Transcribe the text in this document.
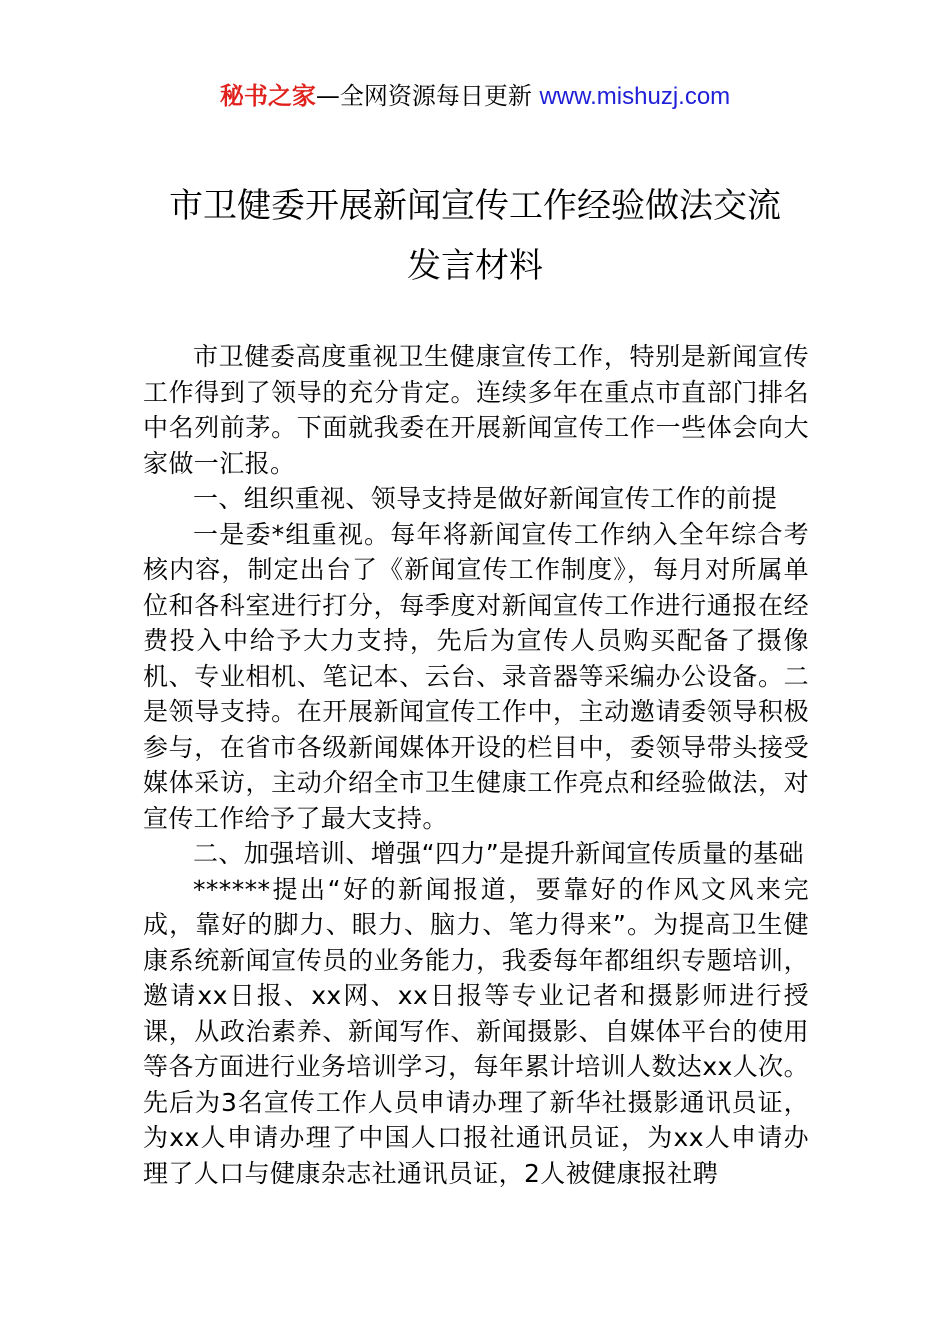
秘书之家—全网资源每日更新 www.mishuzj.com
市卫健委开展新闻宣传工作经验做法交流
发言材料

市卫健委高度重视卫生健康宣传工作，特别是新闻宣传工作得到了领导的充分肯定。连续多年在重点市直部门排名中名列前茅。下面就我委在开展新闻宣传工作一些体会向大家做一汇报。

一、组织重视、领导支持是做好新闻宣传工作的前提

一是委*组重视。每年将新闻宣传工作纳入全年综合考核内容，制定出台了《新闻宣传工作制度》，每月对所属单位和各科室进行打分，每季度对新闻宣传工作进行通报在经费投入中给予大力支持，先后为宣传人员购买配备了摄像机、专业相机、笔记本、云台、录音器等采编办公设备。二是领导支持。在开展新闻宣传工作中，主动邀请委领导积极参与，在省市各级新闻媒体开设的栏目中，委领导带头接受媒体采访，主动介绍全市卫生健康工作亮点和经验做法，对宣传工作给予了最大支持。

二、加强培训、增强“四力”是提升新闻宣传质量的基础

******提出“好的新闻报道，要靠好的作风文风来完成，靠好的脚力、眼力、脑力、笔力得来”。为提高卫生健康系统新闻宣传员的业务能力，我委每年都组织专题培训，邀请xx日报、xx网、xx日报等专业记者和摄影师进行授课，从政治素养、新闻写作、新闻摄影、自媒体平台的使用等各方面进行业务培训学习，每年累计培训人数达xx人次。先后为3名宣传工作人员申请办理了新华社摄影通讯员证，为xx人申请办理了中国人口报社通讯员证，为xx人申请办理了人口与健康杂志社通讯员证，2人被健康报社聘
